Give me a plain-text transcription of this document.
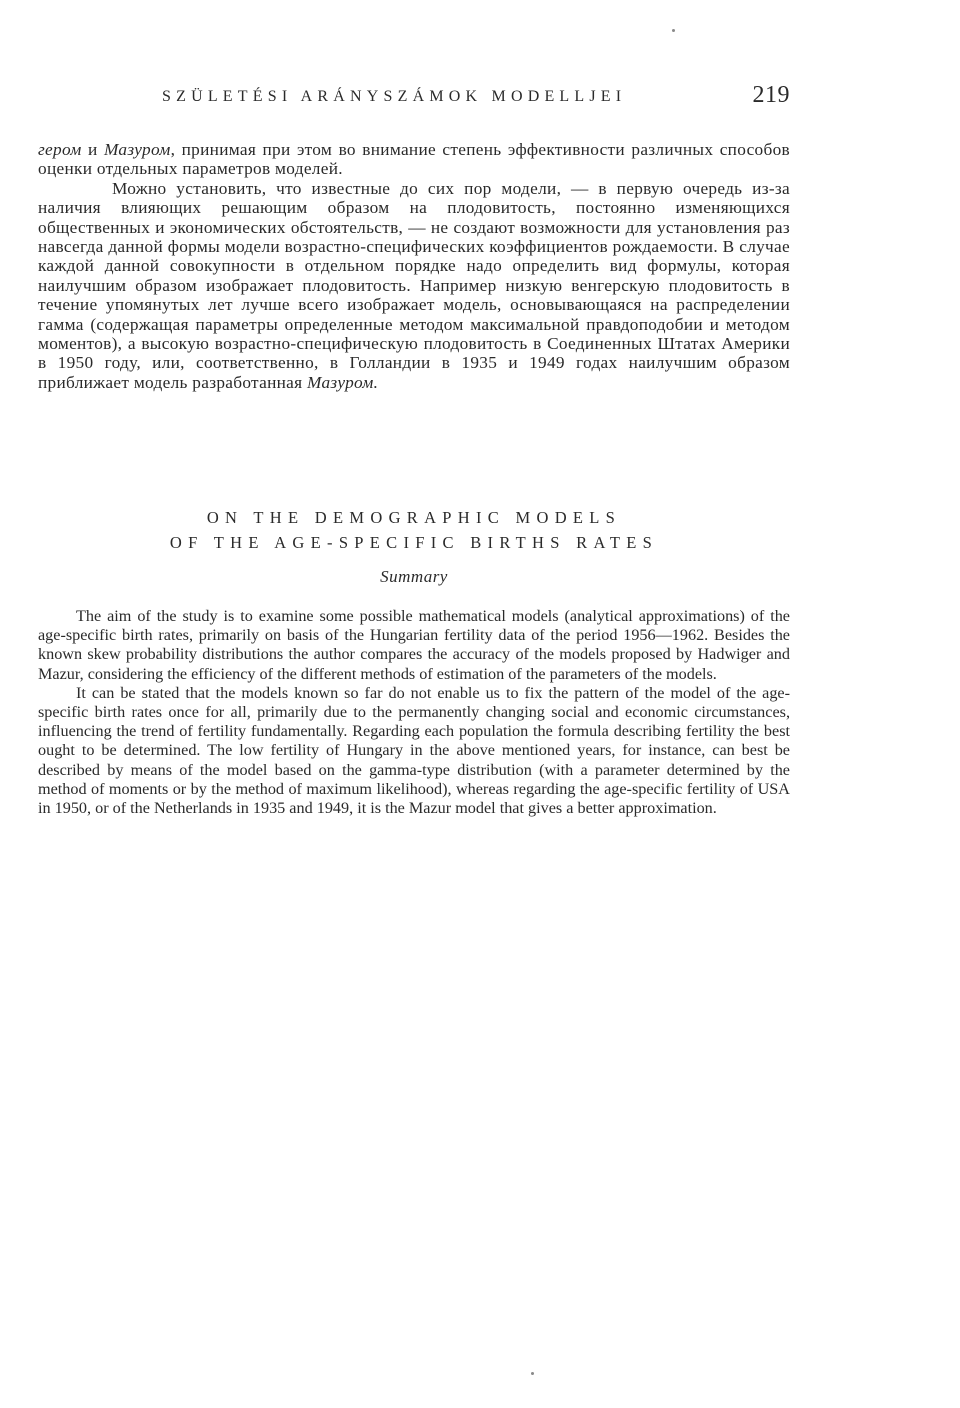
SZÜLETÉSI ARÁNYSZÁMOK MODELLJEI	219

гером и Мазуром, принимая при этом во внимание степень эффективности различных способов оценки отдельных параметров моделей.

Можно установить, что известные до сих пор модели, — в первую очередь из-за наличия влияющих решающим образом на плодовитость, постоянно изменяющихся общественных и экономических обстоятельств, — не создают возможности для установления раз навсегда данной формы модели возрастно-специфических коэффициентов рождаемости. В случае каждой данной совокупности в отдельном порядке надо определить вид формулы, которая наилучшим образом изображает плодовитость. Например низкую венгерскую плодовитость в течение упомянутых лет лучше всего изображает модель, основывающаяся на распределении гамма (содержащая параметры определенные методом максимальной правдоподобии и методом моментов), а высокую возрастно-специфическую плодовитость в Соединенных Штатах Америки в 1950 году, или, соответственно, в Голландии в 1935 и 1949 годах наилучшим образом приближает модель разработанная Мазуром.

ON THE DEMOGRAPHIC MODELS
OF THE AGE-SPECIFIC BIRTHS RATES
Summary

The aim of the study is to examine some possible mathematical models (analytical approximations) of the age-specific birth rates, primarily on basis of the Hungarian fertility data of the period 1956—1962. Besides the known skew probability distributions the author compares the accuracy of the models proposed by Hadwiger and Mazur, considering the efficiency of the different methods of estimation of the parameters of the models.

It can be stated that the models known so far do not enable us to fix the pattern of the model of the age-specific birth rates once for all, primarily due to the permanently changing social and economic circumstances, influencing the trend of fertility fundamentally. Regarding each population the formula describing fertility the best ought to be determined. The low fertility of Hungary in the above mentioned years, for instance, can best be described by means of the model based on the gamma-type distribution (with a parameter determined by the method of moments or by the method of maximum likelihood), whereas regarding the age-specific fertility of USA in 1950, or of the Netherlands in 1935 and 1949, it is the Mazur model that gives a better approximation.
